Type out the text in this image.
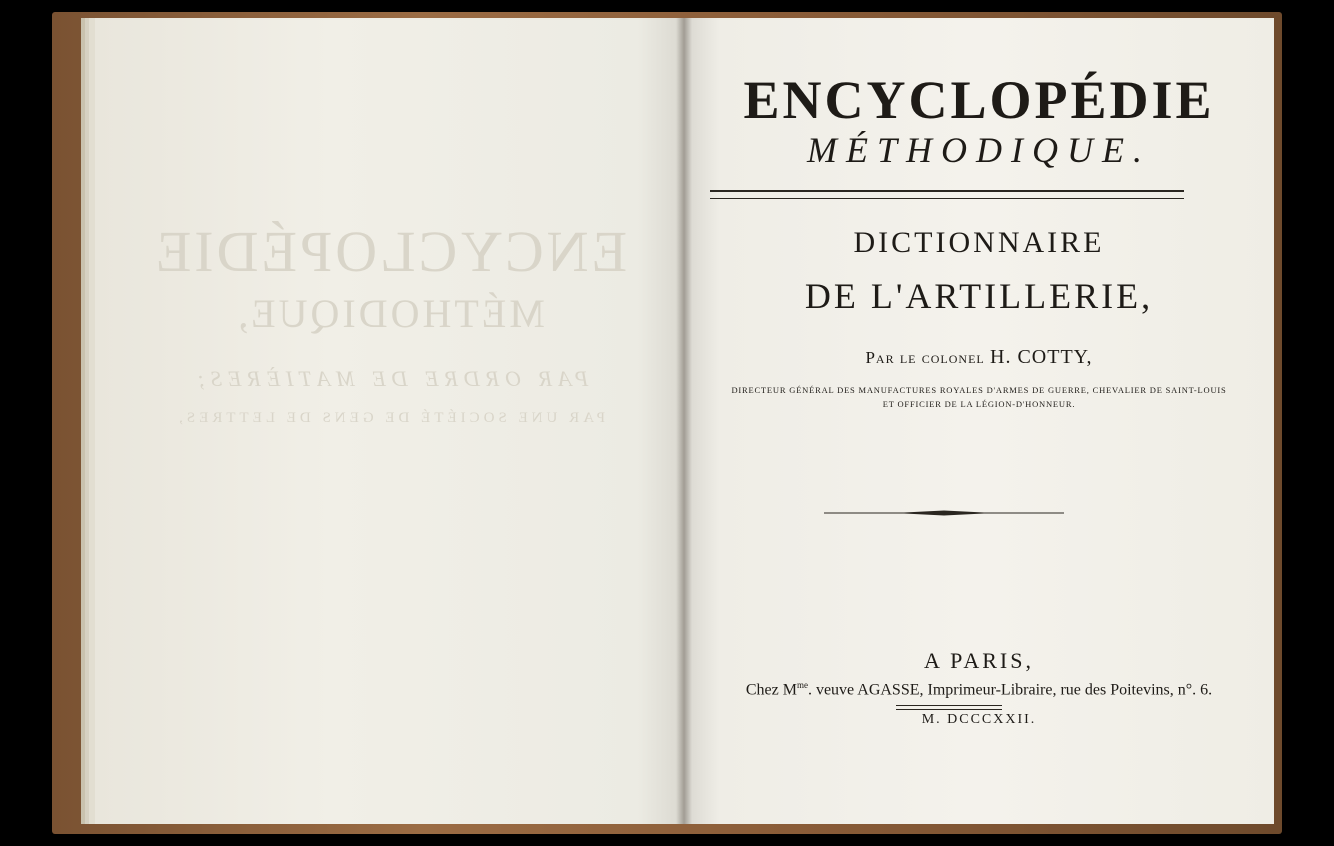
ENCYCLOPÉDIE
MÉTHODIQUE,
PAR ORDRE DE MATIÈRES;
PAR UNE SOCIÉTÉ DE GENS DE LETTRES,
ENCYCLOPÉDIE
MÉTHODIQUE.
DICTIONNAIRE
DE L'ARTILLERIE,
Par le colonel H. COTTY,
DIRECTEUR GÉNÉRAL DES MANUFACTURES ROYALES D'ARMES DE GUERRE, CHEVALIER DE SAINT-LOUIS
ET OFFICIER DE LA LÉGION-D'HONNEUR.
A PARIS,
Chez $M^{me}$. veuve AGASSE, Imprimeur-Libraire, rue des Poitevins, n°. 6.
M. DCCCXXII.
